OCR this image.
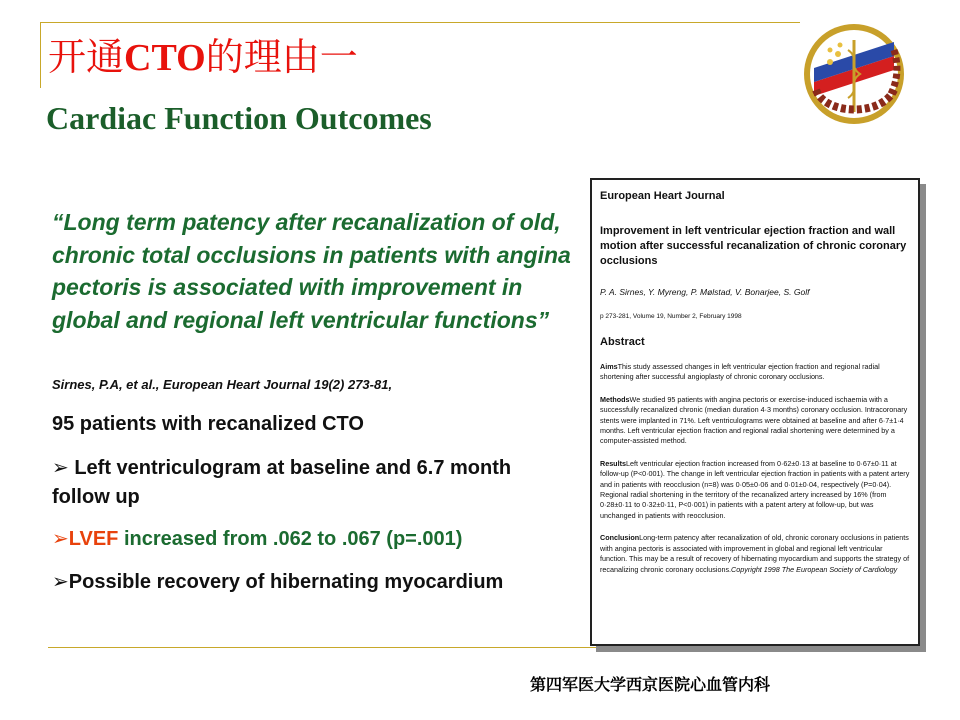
开通CTO的理由一
Cardiac Function Outcomes
“Long term patency after recanalization of old, chronic total occlusions in patients with angina pectoris is associated with improvement in global and regional left ventricular functions”
Sirnes, P.A, et al., European Heart Journal 19(2) 273-81,
95 patients with recanalized CTO
➢ Left ventriculogram at baseline and 6.7 month follow up
➢LVEF increased from .062 to .067 (p=.001)
➢Possible recovery of hibernating myocardium
European Heart Journal
Improvement in left ventricular ejection fraction and wall motion after successful recanalization of chronic coronary occlusions
P. A. Sirnes, Y. Myreng, P. Mølstad, V. Bonarjee, S. Golf
p 273-281, Volume 19, Number 2, February 1998
Abstract
AimsThis study assessed changes in left ventricular ejection fraction and regional radial shortening after successful angioplasty of chronic coronary occlusions.
MethodsWe studied 95 patients with angina pectoris or exercise-induced ischaemia with a successfully recanalized chronic (median duration 4·3 months) coronary occlusion. Intracoronary stents were implanted in 71%. Left ventriculograms were obtained at baseline and after 6·7±1·4 months. Left ventricular ejection fraction and regional radial shortening were determined by a computer-assisted method.
ResultsLeft ventricular ejection fraction increased from 0·62±0·13 at baseline to 0·67±0·11 at follow-up (P<0·001). The change in left ventricular ejection fraction in patients with a patent artery and in patients with reocclusion (n=8) was 0·05±0·06 and 0·01±0·04, respectively (P=0·04). Regional radial shortening in the territory of the recanalized artery increased by 16% (from 0·28±0·11 to 0·32±0·11, P<0·001) in patients with a patent artery at follow-up, but was unchanged in patients with reocclusion.
ConclusionLong-term patency after recanalization of old, chronic coronary occlusions in patients with angina pectoris is associated with improvement in global and regional left ventricular function. This may be a result of recovery of hibernating myocardium and supports the strategy of recanalizing chronic coronary occlusions.Copyright 1998 The European Society of Cardiology
第四军医大学西京医院心血管内科
